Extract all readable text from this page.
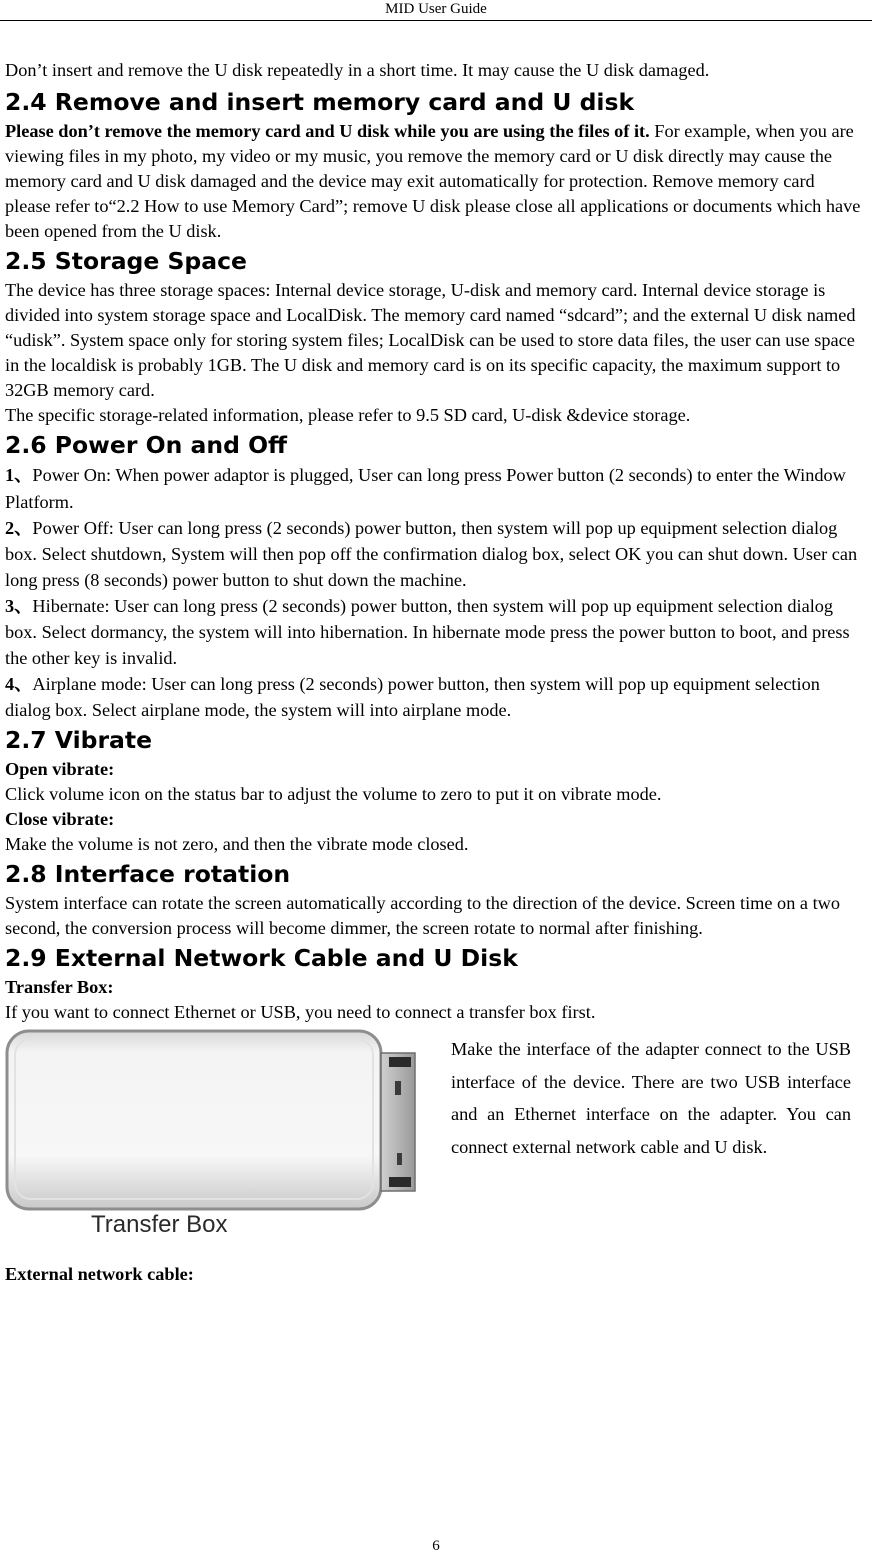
MID User Guide

Don’t insert and remove the U disk repeatedly in a short time. It may cause the U disk damaged.

2.4 Remove and insert memory card and U disk

Please don’t remove the memory card and U disk while you are using the files of it. For example, when you are viewing files in my photo, my video or my music, you remove the memory card or U disk directly may cause the memory card and U disk damaged and the device may exit automatically for protection. Remove memory card please refer to“2.2 How to use Memory Card”; remove U disk please close all applications or documents which have been opened from the U disk.

2.5 Storage Space

The device has three storage spaces: Internal device storage, U-disk and memory card. Internal device storage is divided into system storage space and LocalDisk. The memory card named “sdcard”; and the external U disk named “udisk”. System space only for storing system files; LocalDisk can be used to store data files, the user can use space in the localdisk is probably 1GB. The U disk and memory card is on its specific capacity, the maximum support to 32GB memory card.

The specific storage-related information, please refer to 9.5 SD card, U-disk &device storage.

2.6 Power On and Off

1、Power On: When power adaptor is plugged, User can long press Power button (2 seconds) to enter the Window Platform.

2、Power Off: User can long press (2 seconds) power button, then system will pop up equipment selection dialog box. Select shutdown, System will then pop off the confirmation dialog box, select OK you can shut down. User can long press (8 seconds) power button to shut down the machine.

3、Hibernate: User can long press (2 seconds) power button, then system will pop up equipment selection dialog box. Select dormancy, the system will into hibernation. In hibernate mode press the power button to boot, and press the other key is invalid.

4、Airplane mode: User can long press (2 seconds) power button, then system will pop up equipment selection dialog box. Select airplane mode, the system will into airplane mode.

2.7 Vibrate

Open vibrate:

Click volume icon on the status bar to adjust the volume to zero to put it on vibrate mode.

Close vibrate:

Make the volume is not zero, and then the vibrate mode closed.

2.8 Interface rotation

System interface can rotate the screen automatically according to the direction of the device. Screen time on a two second, the conversion process will become dimmer, the screen rotate to normal after finishing.

2.9 External Network Cable and U Disk

Transfer Box:

If you want to connect Ethernet or USB, you need to connect a transfer box first.

Transfer Box
Make the interface of the adapter connect to the USB interface of the device. There are two USB interface and an Ethernet interface on the adapter. You can connect external network cable and U disk.

External network cable:

6
